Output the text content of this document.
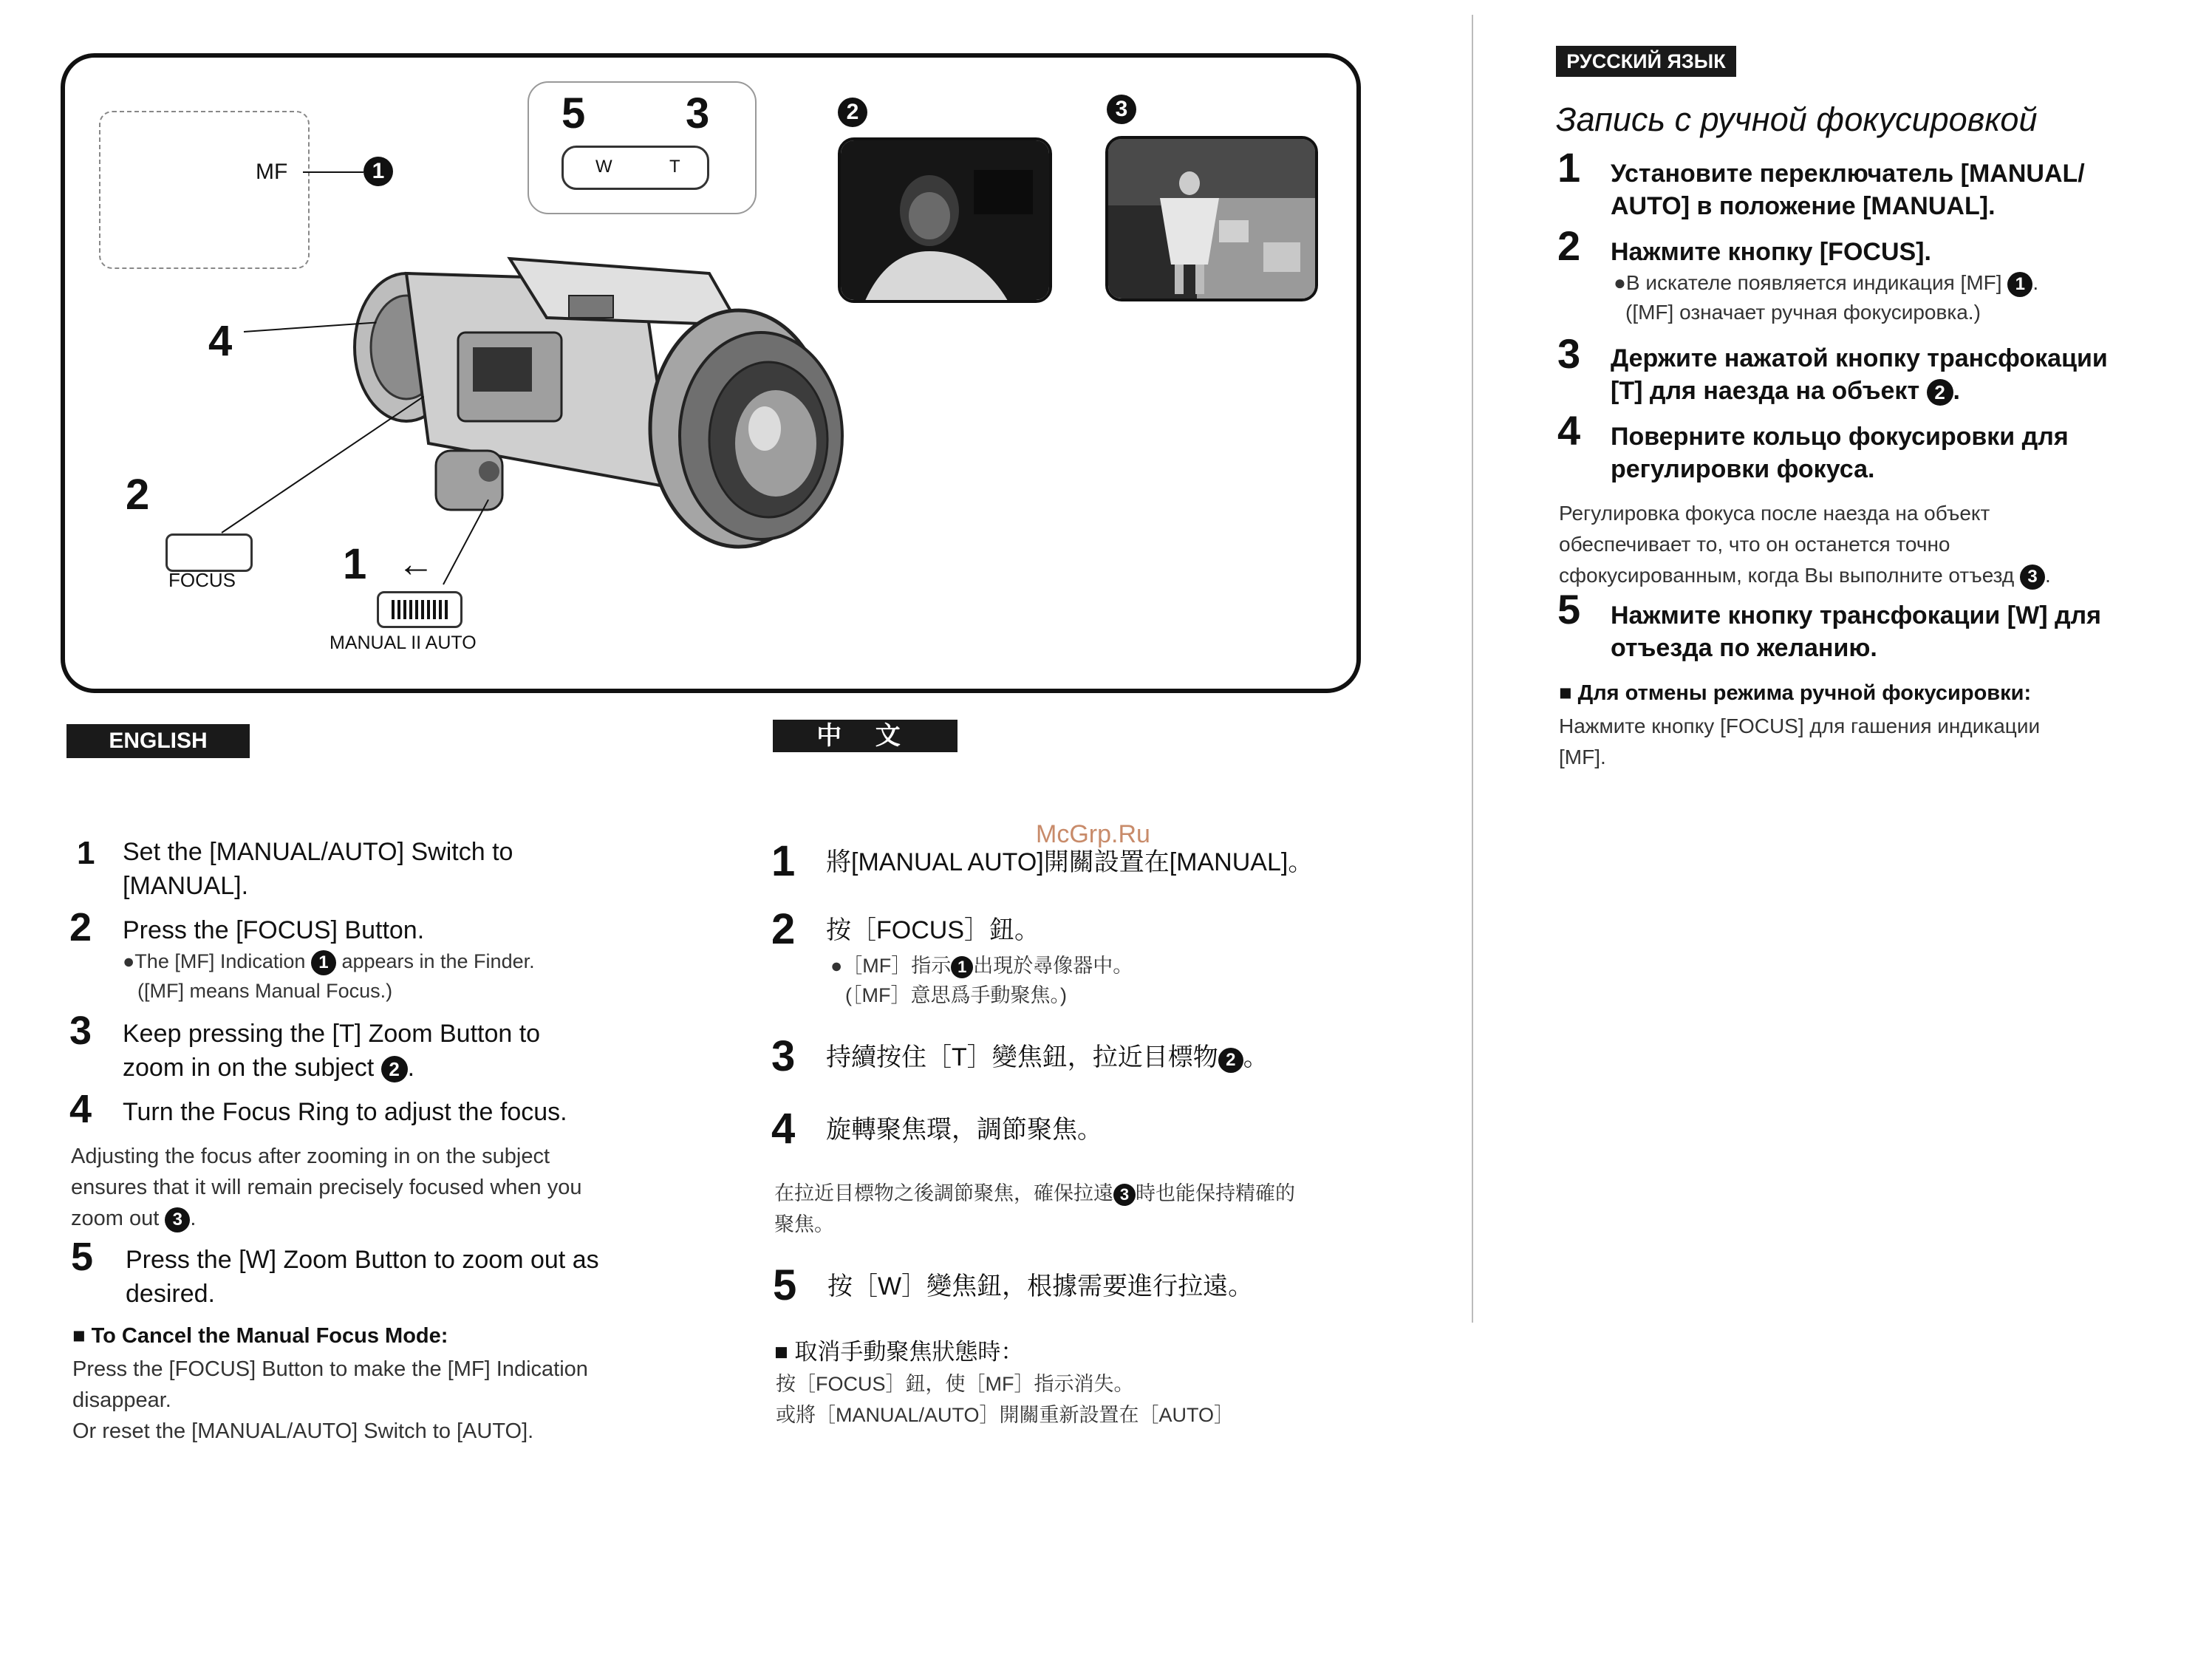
MF	1
5 3
W	T
2	3
4
2
FOCUS	1 ←
MANUAL II AUTO
ENGLISH
1 Set the [MANUAL/AUTO] Switch to
[MANUAL].
2 Press the [FOCUS] Button.
●The [MF] Indication 1 appears in the Finder.
([MF] means Manual Focus.)
3 Keep pressing the [T] Zoom Button to
zoom in on the subject 2 .
4 Turn the Focus Ring to adjust the focus.
Adjusting the focus after zooming in on the subject
ensures that it will remain precisely focused when you
zoom out 3 .
5 Press the [W] Zoom Button to zoom out as
desired.
■ To Cancel the Manual Focus Mode:
Press the [FOCUS] Button to make the [MF] Indication
disappear.
Or reset the [MANUAL/AUTO] Switch to [AUTO].
中 文
McGrp.Ru
1 將[MANUAL AUTO]開關設置在[MANUAL]。
2 按［FOCUS］鈕。
●［MF］指示 1 出現於尋像器中。
(［MF］意思爲手動聚焦。)
3 持續按住［T］變焦鈕，拉近目標物 2 。
4 旋轉聚焦環，調節聚焦。
在拉近目標物之後調節聚焦，確保拉遠 3 時也能保持精確的
聚焦。
5 按［W］變焦鈕，根據需要進行拉遠。
■ 取消手動聚焦狀態時：
按［FOCUS］鈕，使［MF］指示消失。
或將［MANUAL/AUTO］開關重新設置在［AUTO］
РУССКИЙ ЯЗЫК
Запись с ручной фокусировкой
1 Установите переключатель [MANUAL/
AUTO] в положение [MANUAL].
2 Нажмите кнопку [FOCUS].
●В искателе появляется индикация [MF] 1 .
([MF] означает ручная фокусировка.)
3 Держите нажатой кнопку трансфокации
[T] для наезда на объект 2 .
4 Поверните кольцо фокусировки для
регулировки фокуса.
Регулировка фокуса после наезда на объект
обеспечивает то, что он останется точно
сфокусированным, когда Вы выполните отъезд 3 .
5 Нажмите кнопку трансфокации [W] для
отъезда по желанию.
■ Для отмены режима ручной фокусировки:
Нажмите кнопку [FOCUS] для гашения индикации
[MF].
